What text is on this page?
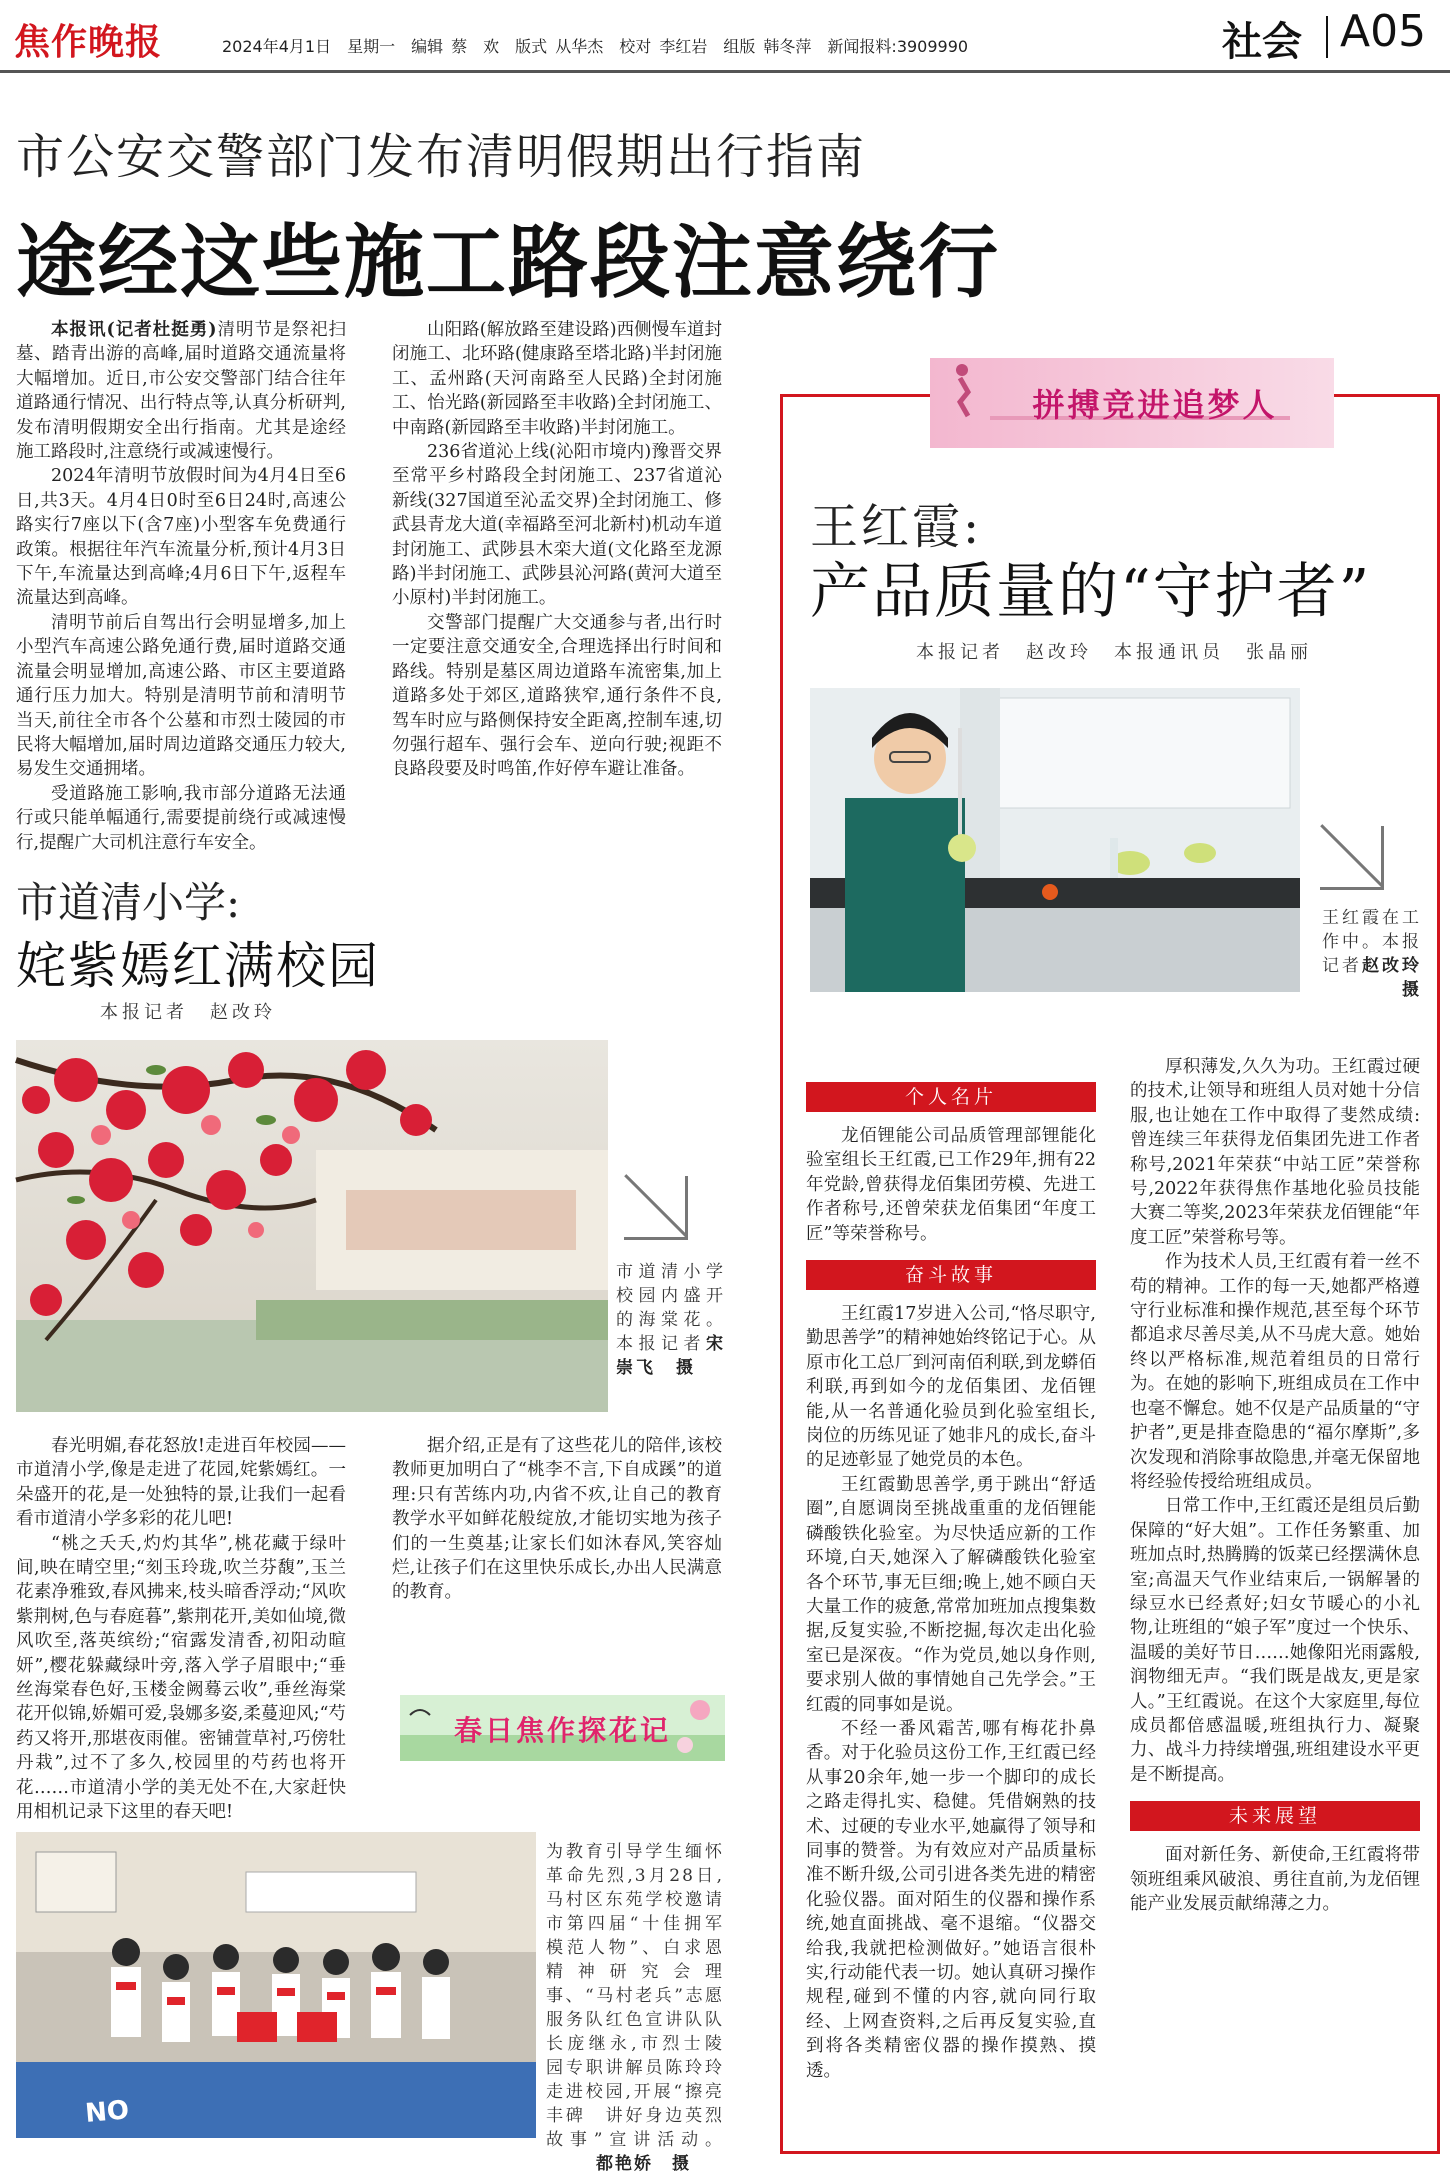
焦作晚报	2024年4月1日　星期一　编辑 蔡　欢　版式 从华杰　校对 李红岩　组版 韩冬萍　新闻报料:3909990	社会 A05
市公安交警部门发布清明假期出行指南
途经这些施工路段注意绕行

本报讯(记者杜挺勇)清明节是祭祀扫墓、踏青出游的高峰,届时道路交通流量将大幅增加。近日,市公安交警部门结合往年道路通行情况、出行特点等,认真分析研判,发布清明假期安全出行指南。尤其是途经施工路段时,注意绕行或减速慢行。

2024年清明节放假时间为4月4日至6日,共3天。4月4日0时至6日24时,高速公路实行7座以下(含7座)小型客车免费通行政策。根据往年汽车流量分析,预计4月3日下午,车流量达到高峰;4月6日下午,返程车流量达到高峰。

清明节前后自驾出行会明显增多,加上小型汽车高速公路免通行费,届时道路交通流量会明显增加,高速公路、市区主要道路通行压力加大。特别是清明节前和清明节当天,前往全市各个公墓和市烈士陵园的市民将大幅增加,届时周边道路交通压力较大,易发生交通拥堵。

受道路施工影响,我市部分道路无法通行或只能单幅通行,需要提前绕行或减速慢行,提醒广大司机注意行车安全。

山阳路(解放路至建设路)西侧慢车道封闭施工、北环路(健康路至塔北路)半封闭施工、孟州路(天河南路至人民路)全封闭施工、怡光路(新园路至丰收路)全封闭施工、中南路(新园路至丰收路)半封闭施工。

236省道沁上线(沁阳市境内)豫晋交界至常平乡村路段全封闭施工、237省道沁新线(327国道至沁孟交界)全封闭施工、修武县青龙大道(幸福路至河北新村)机动车道封闭施工、武陟县木栾大道(文化路至龙源路)半封闭施工、武陟县沁河路(黄河大道至小原村)半封闭施工。

交警部门提醒广大交通参与者,出行时一定要注意交通安全,合理选择出行时间和路线。特别是墓区周边道路车流密集,加上道路多处于郊区,道路狭窄,通行条件不良,驾车时应与路侧保持安全距离,控制车速,切勿强行超车、强行会车、逆向行驶;视距不良路段要及时鸣笛,作好停车避让准备。

市道清小学:
姹紫嫣红满校园
本报记者　赵改玲
市道清小学校园内盛开的海棠花。本报记者宋崇飞　摄

春光明媚,春花怒放!走进百年校园——市道清小学,像是走进了花园,姹紫嫣红。一朵盛开的花,是一处独特的景,让我们一起看看市道清小学多彩的花儿吧!

“桃之夭夭,灼灼其华”,桃花藏于绿叶间,映在晴空里;“刻玉玲珑,吹兰芬馥”,玉兰花素净雅致,春风拂来,枝头暗香浮动;“风吹紫荆树,色与春庭暮”,紫荆花开,美如仙境,微风吹至,落英缤纷;“宿露发清香,初阳动暄妍”,樱花躲藏绿叶旁,落入学子眉眼中;“垂丝海棠春色好,玉楼金阙蓦云收”,垂丝海棠花开似锦,娇媚可爱,袅娜多姿,柔蔓迎风;“芍药又将开,那堪夜雨催。密铺萱草衬,巧傍牡丹栽”,过不了多久,校园里的芍药也将开花……市道清小学的美无处不在,大家赶快用相机记录下这里的春天吧!

据介绍,正是有了这些花儿的陪伴,该校教师更加明白了“桃李不言,下自成蹊”的道理:只有苦练内功,内省不疚,让自己的教育教学水平如鲜花般绽放,才能切实地为孩子们的一生奠基;让家长们如沐春风,笑容灿烂,让孩子们在这里快乐成长,办出人民满意的教育。

春日焦作探花记
NO
为教育引导学生缅怀革命先烈,3月28日,马村区东苑学校邀请市第四届“十佳拥军模范人物”、白求恩精神研究会理事、“马村老兵”志愿服务队红色宣讲队队长庞继永,市烈士陵园专职讲解员陈玲玲走进校园,开展“擦亮丰碑　讲好身边英烈故事”宣讲活动。都艳娇　摄
拼搏竞进追梦人
王红霞:
产品质量的“守护者”
本报记者　赵改玲　本报通讯员　张晶丽
王红霞在工作中。本报记者赵改玲　摄
个人名片

龙佰锂能公司品质管理部锂能化验室组长王红霞,已工作29年,拥有22年党龄,曾获得龙佰集团劳模、先进工作者称号,还曾荣获龙佰集团“年度工匠”等荣誉称号。

奋斗故事

王红霞17岁进入公司,“恪尽职守,勤思善学”的精神她始终铭记于心。从原市化工总厂到河南佰利联,到龙蟒佰利联,再到如今的龙佰集团、龙佰锂能,从一名普通化验员到化验室组长,岗位的历练见证了她非凡的成长,奋斗的足迹彰显了她党员的本色。

王红霞勤思善学,勇于跳出“舒适圈”,自愿调岗至挑战重重的龙佰锂能磷酸铁化验室。为尽快适应新的工作环境,白天,她深入了解磷酸铁化验室各个环节,事无巨细;晚上,她不顾白天大量工作的疲惫,常常加班加点搜集数据,反复实验,不断挖掘,每次走出化验室已是深夜。“作为党员,她以身作则,要求别人做的事情她自己先学会。”王红霞的同事如是说。

不经一番风霜苦,哪有梅花扑鼻香。对于化验员这份工作,王红霞已经从事20余年,她一步一个脚印的成长之路走得扎实、稳健。凭借娴熟的技术、过硬的专业水平,她赢得了领导和同事的赞誉。为有效应对产品质量标准不断升级,公司引进各类先进的精密化验仪器。面对陌生的仪器和操作系统,她直面挑战、毫不退缩。“仪器交给我,我就把检测做好。”她语言很朴实,行动能代表一切。她认真研习操作规程,碰到不懂的内容,就向同行取经、上网查资料,之后再反复实验,直到将各类精密仪器的操作摸熟、摸透。

厚积薄发,久久为功。王红霞过硬的技术,让领导和班组人员对她十分信服,也让她在工作中取得了斐然成绩:曾连续三年获得龙佰集团先进工作者称号,2021年荣获“中站工匠”荣誉称号,2022年获得焦作基地化验员技能大赛二等奖,2023年荣获龙佰锂能“年度工匠”荣誉称号等。

作为技术人员,王红霞有着一丝不苟的精神。工作的每一天,她都严格遵守行业标准和操作规范,甚至每个环节都追求尽善尽美,从不马虎大意。她始终以严格标准,规范着组员的日常行为。在她的影响下,班组成员在工作中也毫不懈怠。她不仅是产品质量的“守护者”,更是排查隐患的“福尔摩斯”,多次发现和消除事故隐患,并毫无保留地将经验传授给班组成员。

日常工作中,王红霞还是组员后勤保障的“好大姐”。工作任务繁重、加班加点时,热腾腾的饭菜已经摆满休息室;高温天气作业结束后,一锅解暑的绿豆水已经煮好;妇女节暖心的小礼物,让班组的“娘子军”度过一个快乐、温暖的美好节日……她像阳光雨露般,润物细无声。“我们既是战友,更是家人。”王红霞说。在这个大家庭里,每位成员都倍感温暖,班组执行力、凝聚力、战斗力持续增强,班组建设水平更是不断提高。

未来展望

面对新任务、新使命,王红霞将带领班组乘风破浪、勇往直前,为龙佰锂能产业发展贡献绵薄之力。
